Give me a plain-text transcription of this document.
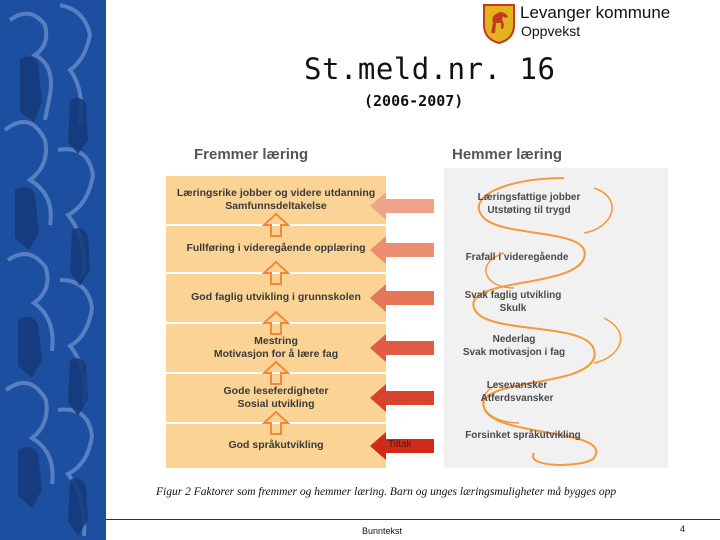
Levanger kommune
Oppvekst
St.meld.nr. 16
(2006-2007)
Fremmer læring	Hemmer læring
Læringsrike jobber og videre utdanning
Samfunnsdeltakelse
Fullføring i videregående opplæring
God faglig utvikling i grunnskolen
Mestring
Motivasjon for å lære fag
Gode leseferdigheter
Sosial utvikling
God språkutvikling	Tiltak
Læringsfattige jobber
Utstøting til trygd
Frafall i videregående
Svak faglig utvikling
Skulk
Nederlag
Svak motivasjon i fag
Lesevansker
Atferdsvansker
Forsinket språkutvikling
Figur 2 Faktorer som fremmer og hemmer læring. Barn og unges læringsmuligheter må bygges opp
Bunntekst	4
